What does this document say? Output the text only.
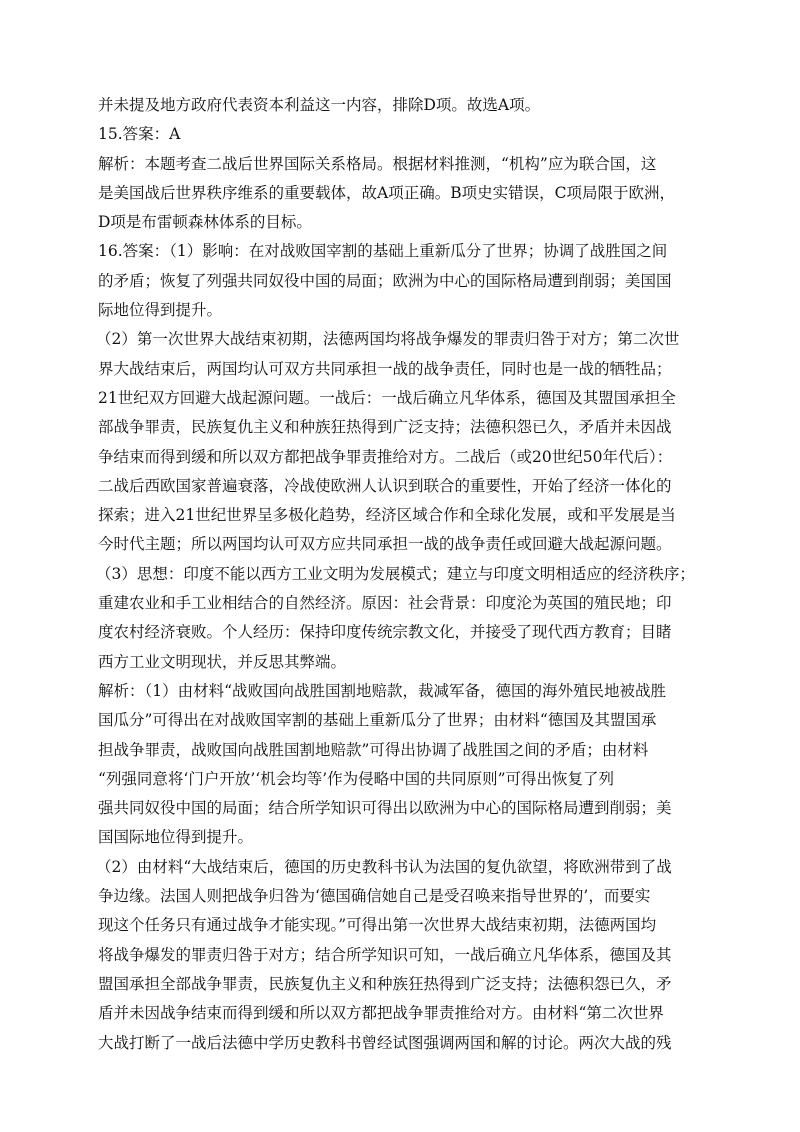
并未提及地方政府代表资本利益这一内容，排除D项。故选A项。
15.答案：A
解析：本题考查二战后世界国际关系格局。根据材料推测，“机构”应为联合国，这
是美国战后世界秩序维系的重要载体，故A项正确。B项史实错误，C项局限于欧洲，
D项是布雷顿森林体系的目标。
16.答案：（1）影响：在对战败国宰割的基础上重新瓜分了世界；协调了战胜国之间
的矛盾；恢复了列强共同奴役中国的局面；欧洲为中心的国际格局遭到削弱；美国国
际地位得到提升。
（2）第一次世界大战结束初期，法德两国均将战争爆发的罪责归咎于对方；第二次世
界大战结束后，两国均认可双方共同承担一战的战争责任，同时也是一战的牺牲品；
21世纪双方回避大战起源问题。一战后：一战后确立凡华体系，德国及其盟国承担全
部战争罪责，民族复仇主义和种族狂热得到广泛支持；法德积怨已久，矛盾并未因战
争结束而得到缓和所以双方都把战争罪责推给对方。二战后（或20世纪50年代后）：
二战后西欧国家普遍衰落，冷战使欧洲人认识到联合的重要性，开始了经济一体化的
探索；进入21世纪世界呈多极化趋势，经济区域合作和全球化发展，或和平发展是当
今时代主题；所以两国均认可双方应共同承担一战的战争责任或回避大战起源问题。
（3）思想：印度不能以西方工业文明为发展模式；建立与印度文明相适应的经济秩序；
重建农业和手工业相结合的自然经济。原因：社会背景：印度沦为英国的殖民地；印
度农村经济衰败。个人经历：保持印度传统宗教文化，并接受了现代西方教育；目睹
西方工业文明现状，并反思其弊端。
解析：（1）由材料“战败国向战胜国割地赔款，裁减军备，德国的海外殖民地被战胜
国瓜分”可得出在对战败国宰割的基础上重新瓜分了世界；由材料“德国及其盟国承
担战争罪责，战败国向战胜国割地赔款”可得出协调了战胜国之间的矛盾；由材料
“列强同意将‘门户开放’‘机会均等’作为侵略中国的共同原则”可得出恢复了列
强共同奴役中国的局面；结合所学知识可得出以欧洲为中心的国际格局遭到削弱；美
国国际地位得到提升。
（2）由材料“大战结束后，德国的历史教科书认为法国的复仇欲望，将欧洲带到了战
争边缘。法国人则把战争归咎为‘德国确信她自己是受召唤来指导世界的’，而要实
现这个任务只有通过战争才能实现。”可得出第一次世界大战结束初期，法德两国均
将战争爆发的罪责归咎于对方；结合所学知识可知，一战后确立凡华体系，德国及其
盟国承担全部战争罪责，民族复仇主义和种族狂热得到广泛支持；法德积怨已久，矛
盾并未因战争结束而得到缓和所以双方都把战争罪责推给对方。由材料“第二次世界
大战打断了一战后法德中学历史教科书曾经试图强调两国和解的讨论。两次大战的残
